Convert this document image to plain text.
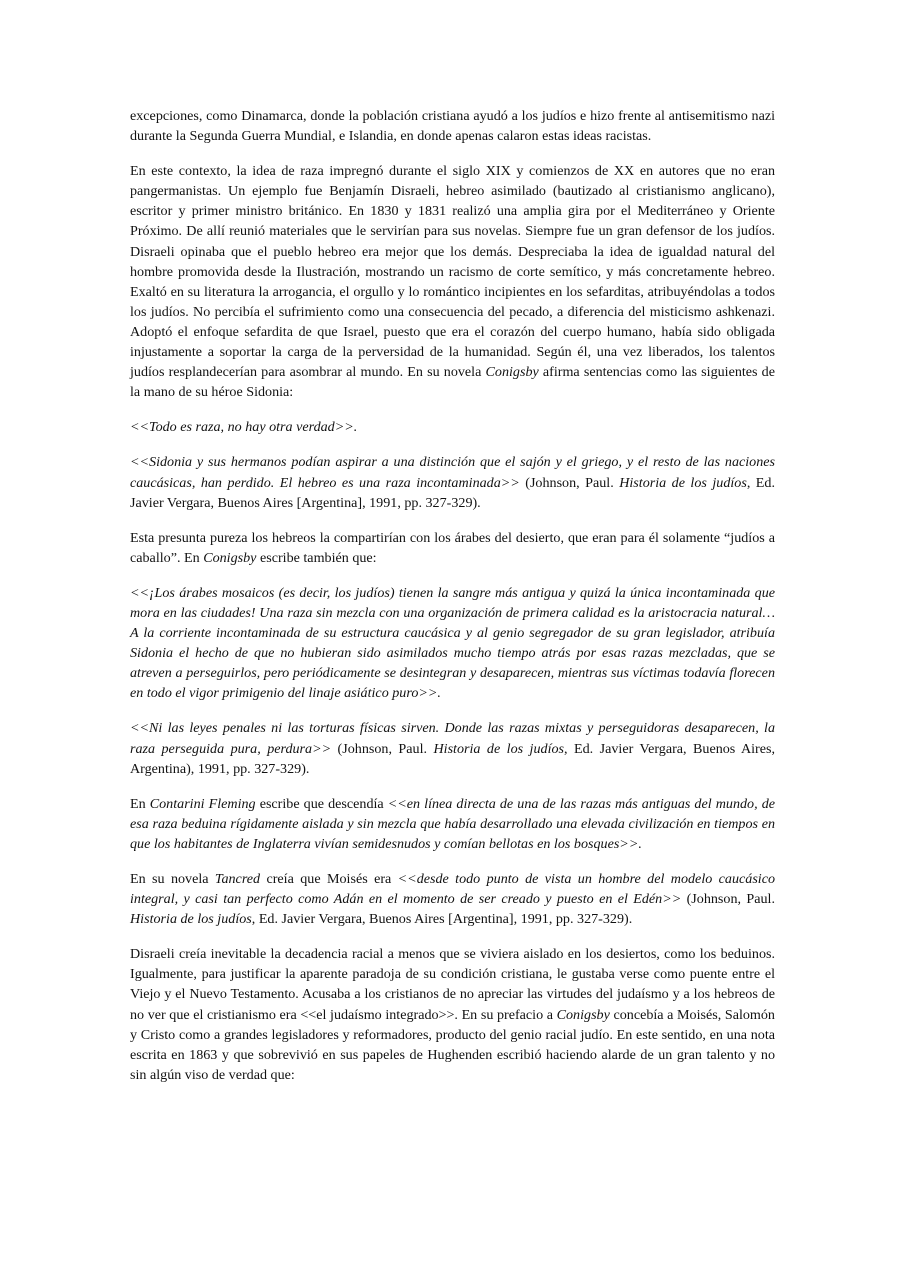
excepciones, como Dinamarca, donde la población cristiana ayudó a los judíos e hizo frente al antisemitismo nazi durante la Segunda Guerra Mundial, e Islandia, en donde apenas calaron estas ideas racistas.

En este contexto, la idea de raza impregnó durante el siglo XIX y comienzos de XX en autores que no eran pangermanistas. Un ejemplo fue Benjamín Disraeli, hebreo asimilado (bautizado al cristianismo anglicano), escritor y primer ministro británico. En 1830 y 1831 realizó una amplia gira por el Mediterráneo y Oriente Próximo. De allí reunió materiales que le servirían para sus novelas. Siempre fue un gran defensor de los judíos. Disraeli opinaba que el pueblo hebreo era mejor que los demás. Despreciaba la idea de igualdad natural del hombre promovida desde la Ilustración, mostrando un racismo de corte semítico, y más concretamente hebreo. Exaltó en su literatura la arrogancia, el orgullo y lo romántico incipientes en los sefarditas, atribuyéndolas a todos los judíos. No percibía el sufrimiento como una consecuencia del pecado, a diferencia del misticismo ashkenazi. Adoptó el enfoque sefardita de que Israel, puesto que era el corazón del cuerpo humano, había sido obligada injustamente a soportar la carga de la perversidad de la humanidad. Según él, una vez liberados, los talentos judíos resplandecerían para asombrar al mundo. En su novela Conigsby afirma sentencias como las siguientes de la mano de su héroe Sidonia:

<<Todo es raza, no hay otra verdad>>.

<<Sidonia y sus hermanos podían aspirar a una distinción que el sajón y el griego, y el resto de las naciones caucásicas, han perdido. El hebreo es una raza incontaminada>> (Johnson, Paul. Historia de los judíos, Ed. Javier Vergara, Buenos Aires [Argentina], 1991, pp. 327-329).

Esta presunta pureza los hebreos la compartirían con los árabes del desierto, que eran para él solamente “judíos a caballo”. En Conigsby escribe también que:

<<¡Los árabes mosaicos (es decir, los judíos) tienen la sangre más antigua y quizá la única incontaminada que mora en las ciudades! Una raza sin mezcla con una organización de primera calidad es la aristocracia natural… A la corriente incontaminada de su estructura caucásica y al genio segregador de su gran legislador, atribuía Sidonia el hecho de que no hubieran sido asimilados mucho tiempo atrás por esas razas mezcladas, que se atreven a perseguirlos, pero periódicamente se desintegran y desaparecen, mientras sus víctimas todavía florecen en todo el vigor primigenio del linaje asiático puro>>.

<<Ni las leyes penales ni las torturas físicas sirven. Donde las razas mixtas y perseguidoras desaparecen, la raza perseguida pura, perdura>> (Johnson, Paul. Historia de los judíos, Ed. Javier Vergara, Buenos Aires, Argentina), 1991, pp. 327-329).

En Contarini Fleming escribe que descendía <<en línea directa de una de las razas más antiguas del mundo, de esa raza beduina rígidamente aislada y sin mezcla que había desarrollado una elevada civilización en tiempos en que los habitantes de Inglaterra vivían semidesnudos y comían bellotas en los bosques>>.

En su novela Tancred creía que Moisés era <<desde todo punto de vista un hombre del modelo caucásico integral, y casi tan perfecto como Adán en el momento de ser creado y puesto en el Edén>> (Johnson, Paul. Historia de los judíos, Ed. Javier Vergara, Buenos Aires [Argentina], 1991, pp. 327-329).

Disraeli creía inevitable la decadencia racial a menos que se viviera aislado en los desiertos, como los beduinos. Igualmente, para justificar la aparente paradoja de su condición cristiana, le gustaba verse como puente entre el Viejo y el Nuevo Testamento. Acusaba a los cristianos de no apreciar las virtudes del judaísmo y a los hebreos de no ver que el cristianismo era <<el judaísmo integrado>>. En su prefacio a Conigsby concebía a Moisés, Salomón y Cristo como a grandes legisladores y reformadores, producto del genio racial judío. En este sentido, en una nota escrita en 1863 y que sobrevivió en sus papeles de Hughenden escribió haciendo alarde de un gran talento y no sin algún viso de verdad que:
